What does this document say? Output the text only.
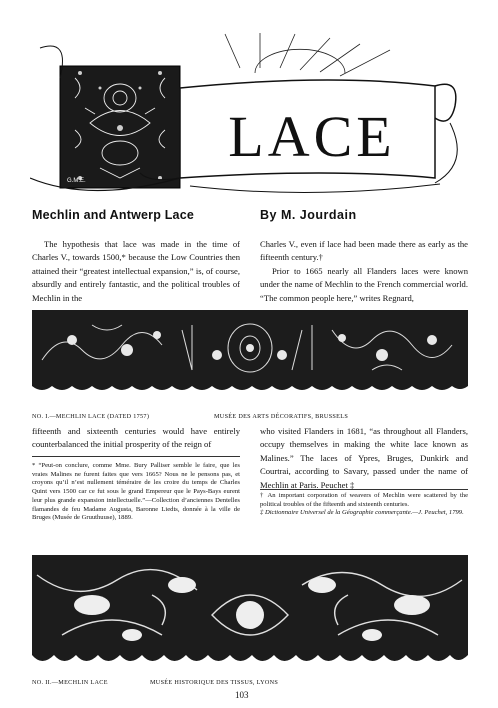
LACE
G.M.E.
Mechlin and Antwerp Lace	By M. Jourdain

The hypothesis that lace was made in the time of Charles V., towards 1500,* because the Low Countries then attained their “greatest intellectual expansion,” is, of course, absurdly and entirely fantastic, and the political troubles of Mechlin in the

Charles V., even if lace had been made there as early as the fifteenth century.†

Prior to 1665 nearly all Flanders laces were known under the name of Mechlin to the French commercial world. “The common people here,” writes Regnard,

NO. I.—MECHLIN LACE (DATED 1757)	MUSÉE DES ARTS DÉCORATIFS, BRUSSELS

fifteenth and sixteenth centuries would have entirely counterbalanced the initial prosperity of the reign of

who visited Flanders in 1681, “as throughout all Flanders, occupy themselves in making the white lace known as Malines.” The laces of Ypres, Bruges, Dunkirk and Courtrai, according to Savary, passed under the name of Mechlin at Paris. Peuchet ‡

* “Peut-on conclure, comme Mme. Bury Palliser semble le faire, que les vraies Malines ne furent faites que vers 1665? Nous ne le pensons pas, et croyons qu’il n’est nullement téméraire de les croire du temps de Charles Quint vers 1500 car ce fut sous le grand Empereur que le Pays-Bays eurent leur plus grande expansion intellectuelle.”—Collection d’anciennes Dentelles flamandes de feu Madame Augusta, Baronne Liedts, donnée à la ville de Bruges (Musée de Gruuthuuse), 1889.

† An important corporation of weavers of Mechlin were scattered by the political troubles of the fifteenth and sixteenth centuries.

‡ Dictionnaire Universel de la Géographie commerçante.—J. Peuchet, 1799.

NO. II.—MECHLIN LACE	MUSÉE HISTORIQUE DES TISSUS, LYONS
103
